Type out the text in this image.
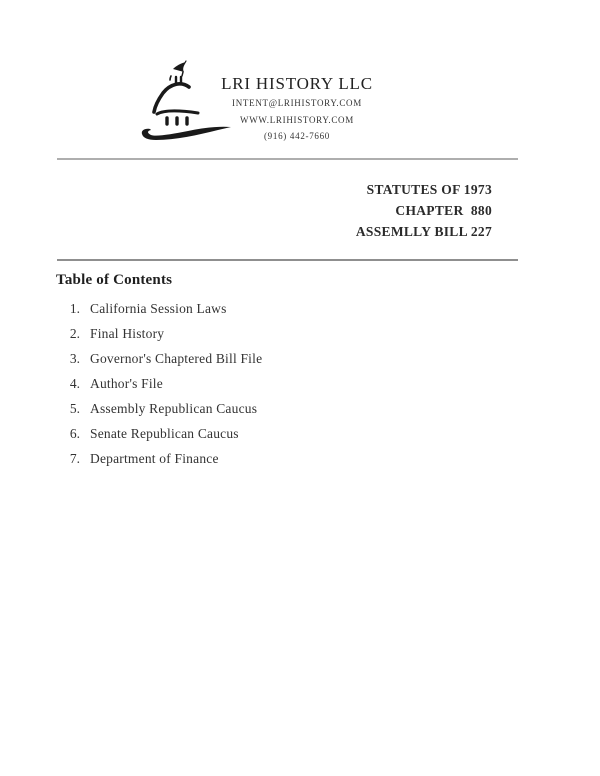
LRI HISTORY LLC
INTENT@LRIHISTORY.COM
WWW.LRIHISTORY.COM
(916) 442-7660
STATUTES OF 1973
CHAPTER  880
ASSEMLLY BILL 227
Table of Contents
1. California Session Laws
2. Final History
3. Governor's Chaptered Bill File
4. Author's File
5. Assembly Republican Caucus
6. Senate Republican Caucus
7. Department of Finance
